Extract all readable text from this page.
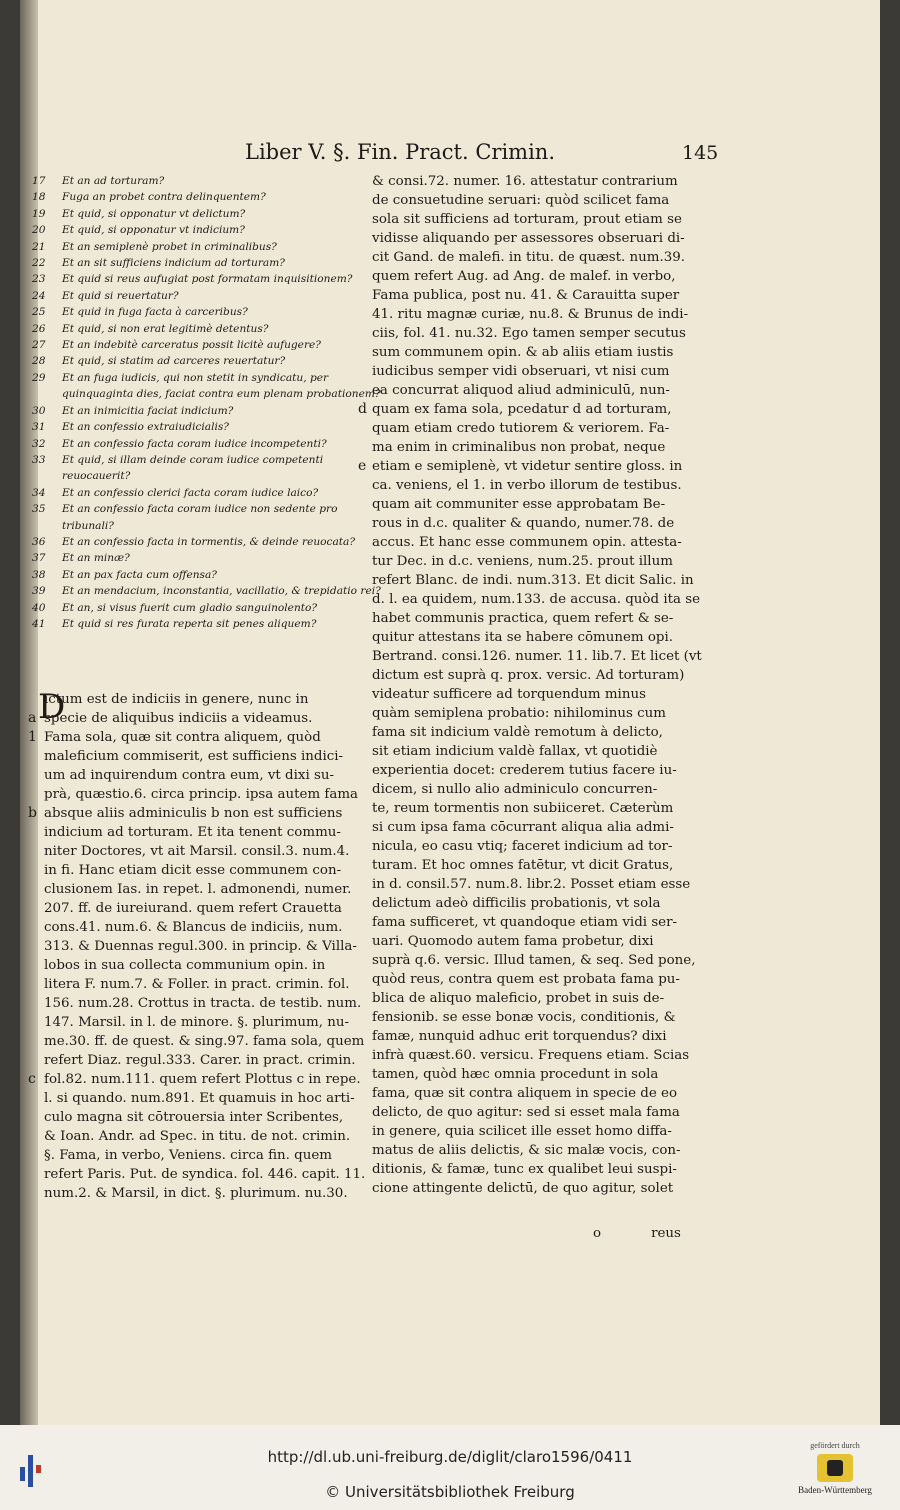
Liber V. §. Fin. Pract. Crimin.	145
17	Et an ad torturam?
18	Fuga an probet contra delinquentem?
19	Et quid, si opponatur vt delictum?
20	Et quid, si opponatur vt indicium?
21	Et an semiplenè probet in criminalibus?
22	Et an sit sufficiens indicium ad torturam?
23	Et quid si reus aufugiat post formatam inquisitionem?
24	Et quid si reuertatur?
25	Et quid in fuga facta à carceribus?
26	Et quid, si non erat legitimè detentus?
27	Et an indebitè carceratus possit licitè aufugere?
28	Et quid, si statim ad carceres reuertatur?
29	Et an fuga iudicis, qui non stetit in syndicatu, per quinquaginta dies, faciat contra eum plenam probationem?
30	Et an inimicitia faciat indicium?
31	Et an confessio extraiudicialis?
32	Et an confessio facta coram iudice incompetenti?
33	Et quid, si illam deinde coram iudice competenti reuocauerit?
34	Et an confessio clerici facta coram iudice laico?
35	Et an confessio facta coram iudice non sedente pro tribunali?
36	Et an confessio facta in tormentis, & deinde reuocata?
37	Et an minæ?
38	Et an pax facta cum offensa?
39	Et an mendacium, inconstantia, vacillatio, & trepidatio rei?
40	Et an, si visus fuerit cum gladio sanguinolento?
41	Et quid si res furata reperta sit penes aliquem?
D
ictum est de indiciis in genere, nunc in
a specie de aliquibus indiciis a videamus.
1 Fama sola, quæ sit contra aliquem, quòd
maleficium commiserit, est sufficiens indici-
um ad inquirendum contra eum, vt dixi su-
prà, quæstio.6. circa princip. ipsa autem fama
b absque aliis adminiculis b non est sufficiens
indicium ad torturam. Et ita tenent commu-
niter Doctores, vt ait Marsil. consil.3. num.4.
in fi. Hanc etiam dicit esse communem con-
clusionem Ias. in repet. l. admonendi, numer.
207. ff. de iureiurand. quem refert Crauetta
cons.41. num.6. & Blancus de indiciis, num.
313. & Duennas regul.300. in princip. & Villa-
lobos in sua collecta communium opin. in
litera F. num.7. & Foller. in pract. crimin. fol.
156. num.28. Crottus in tracta. de testib. num.
147. Marsil. in l. de minore. §. plurimum, nu-
me.30. ff. de quest. & sing.97. fama sola, quem
refert Diaz. regul.333. Carer. in pract. crimin.
c fol.82. num.111. quem refert Plottus c in repe.
l. si quando. num.891. Et quamuis in hoc arti-
culo magna sit cōtrouersia inter Scribentes,
& Ioan. Andr. ad Spec. in titu. de not. crimin.
§. Fama, in verbo, Veniens. circa fin. quem
refert Paris. Put. de syndica. fol. 446. capit. 11.
num.2. & Marsil, in dict. §. plurimum. nu.30.
& consi.72. numer. 16. attestatur contrarium
de consuetudine seruari: quòd scilicet fama
sola sit sufficiens ad torturam, prout etiam se
vidisse aliquando per assessores obseruari di-
cit Gand. de malefi. in titu. de quæst. num.39.
quem refert Aug. ad Ang. de malef. in verbo,
Fama publica, post nu. 41. & Carauitta super
41. ritu magnæ curiæ, nu.8. & Brunus de indi-
ciis, fol. 41. nu.32. Ego tamen semper secutus
sum communem opin. & ab aliis etiam iustis
iudicibus semper vidi obseruari, vt nisi cum
ea concurrat aliquod aliud adminiculū, nun-
d quam ex fama sola, pcedatur d ad torturam,
quam etiam credo tutiorem & veriorem. Fa-
ma enim in criminalibus non probat, neque
e etiam e semiplenè, vt videtur sentire gloss. in
ca. veniens, el 1. in verbo illorum de testibus.
quam ait communiter esse approbatam Be-
rous in d.c. qualiter & quando, numer.78. de
accus. Et hanc esse communem opin. attesta-
tur Dec. in d.c. veniens, num.25. prout illum
refert Blanc. de indi. num.313. Et dicit Salic. in
d. l. ea quidem, num.133. de accusa. quòd ita se
habet communis practica, quem refert & se-
quitur attestans ita se habere cōmunem opi.
Bertrand. consi.126. numer. 11. lib.7. Et licet (vt
dictum est suprà q. prox. versic. Ad torturam)
videatur sufficere ad torquendum minus
quàm semiplena probatio: nihilominus cum
fama sit indicium valdè remotum à delicto,
sit etiam indicium valdè fallax, vt quotidiè
experientia docet: crederem tutius facere iu-
dicem, si nullo alio adminiculo concurren-
te, reum tormentis non subiiceret. Cæterùm
si cum ipsa fama cōcurrant aliqua alia admi-
nicula, eo casu vtiq; faceret indicium ad tor-
turam. Et hoc omnes fatētur, vt dicit Gratus,
in d. consil.57. num.8. libr.2. Posset etiam esse
delictum adeò difficilis probationis, vt sola
fama sufficeret, vt quandoque etiam vidi ser-
uari. Quomodo autem fama probetur, dixi
suprà q.6. versic. Illud tamen, & seq. Sed pone,
quòd reus, contra quem est probata fama pu-
blica de aliquo maleficio, probet in suis de-
fensionib. se esse bonæ vocis, conditionis, &
famæ, nunquid adhuc erit torquendus? dixi
infrà quæst.60. versicu. Frequens etiam. Scias
tamen, quòd hæc omnia procedunt in sola
fama, quæ sit contra aliquem in specie de eo
delicto, de quo agitur: sed si esset mala fama
in genere, quia scilicet ille esset homo diffa-
matus de aliis delictis, & sic malæ vocis, con-
ditionis, & famæ, tunc ex qualibet leui suspi-
cione attingente delictū, de quo agitur, solet
o	reus
http://dl.ub.uni-freiburg.de/diglit/claro1596/0411
© Universitätsbibliothek Freiburg
gefördert durch
Baden-Württemberg
